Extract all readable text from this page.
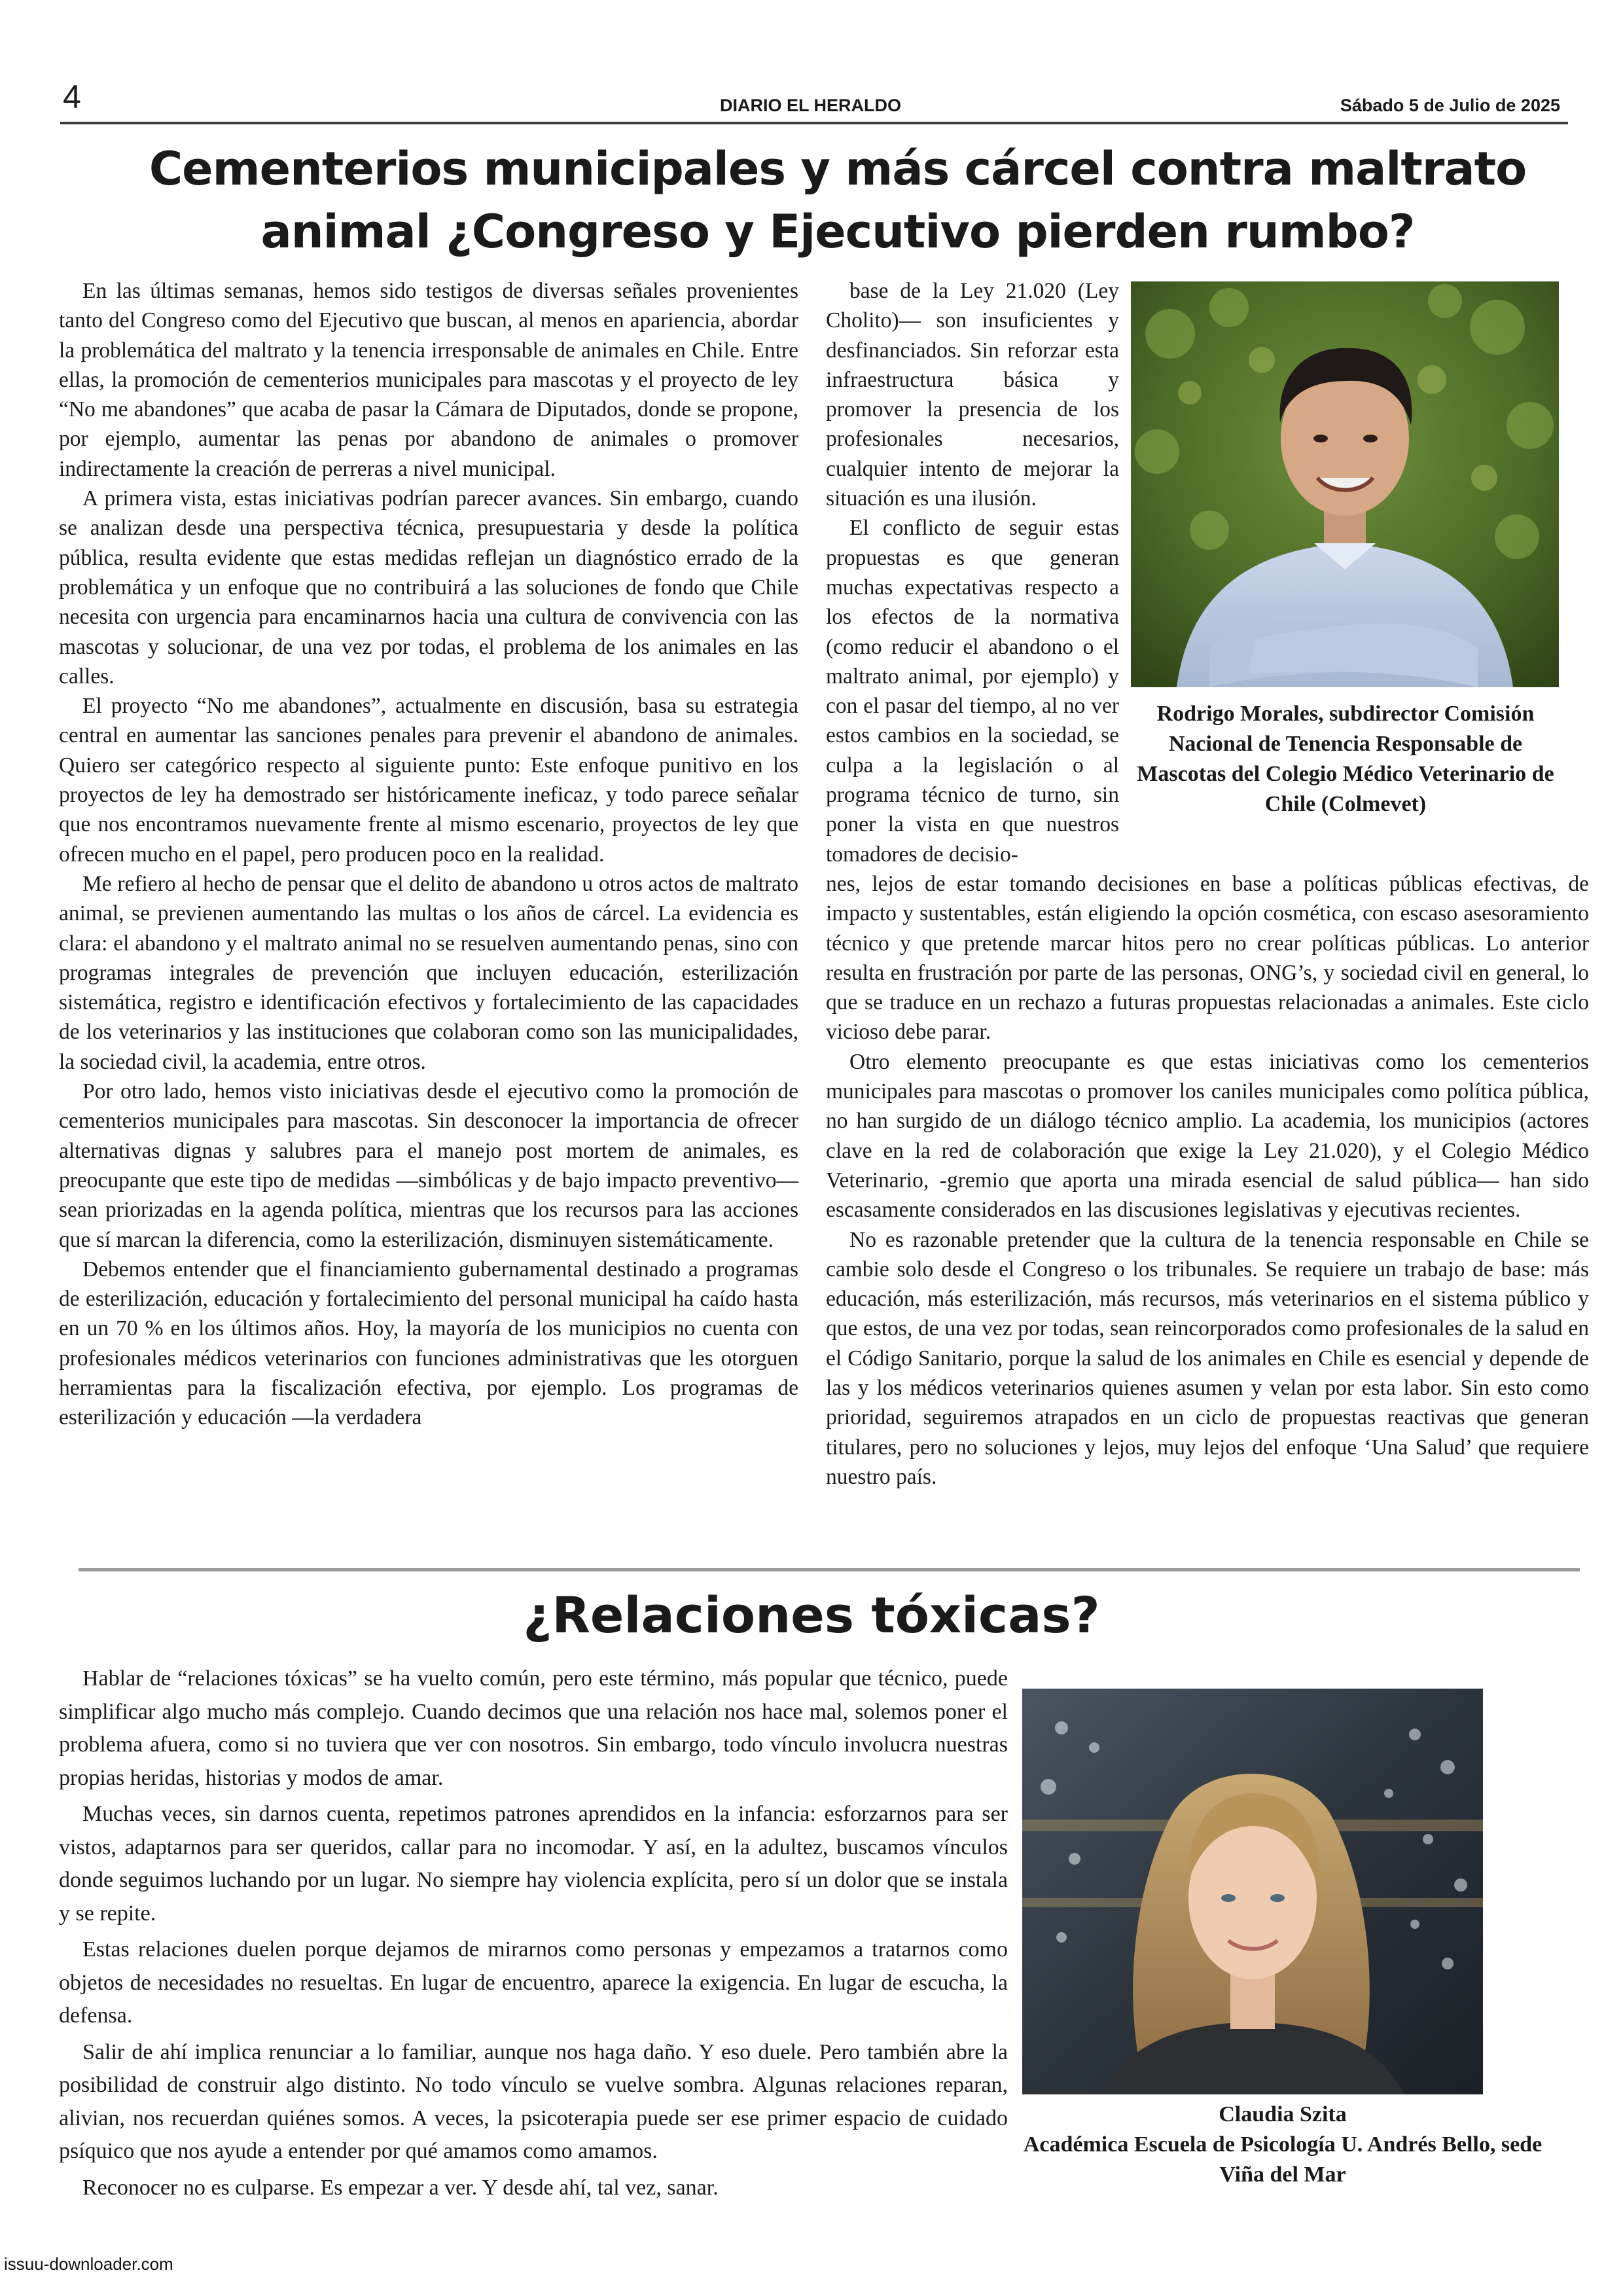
4	DIARIO EL HERALDO	Sábado 5 de Julio de 2025
Cementerios municipales y más cárcel contra maltrato
animal ¿Congreso y Ejecutivo pierden rumbo?

En las últimas semanas, hemos sido testigos de diversas señales provenientes tanto del Congreso como del Ejecutivo que buscan, al menos en apariencia, abordar la problemática del maltrato y la tenencia irresponsable de animales en Chile. Entre ellas, la promoción de cementerios municipales para mascotas y el proyecto de ley “No me abandones” que acaba de pasar la Cámara de Diputados, donde se propone, por ejemplo, aumentar las penas por abandono de animales o promover indirectamente la creación de perreras a nivel municipal.

A primera vista, estas iniciativas podrían parecer avances. Sin embargo, cuando se analizan desde una perspectiva técnica, presupuestaria y desde la política pública, resulta evidente que estas medidas reflejan un diagnóstico errado de la problemática y un enfoque que no contribuirá a las soluciones de fondo que Chile necesita con urgencia para encaminarnos hacia una cultura de convivencia con las mascotas y solucionar, de una vez por todas, el problema de los animales en las calles.

El proyecto “No me abandones”, actualmente en discusión, basa su estrategia central en aumentar las sanciones penales para prevenir el abandono de animales. Quiero ser categórico respecto al siguiente punto: Este enfoque punitivo en los proyectos de ley ha demostrado ser históricamente ineficaz, y todo parece señalar que nos encontramos nuevamente frente al mismo escenario, proyectos de ley que ofrecen mucho en el papel, pero producen poco en la realidad.

Me refiero al hecho de pensar que el delito de abandono u otros actos de maltrato animal, se previenen aumentando las multas o los años de cárcel. La evidencia es clara: el abandono y el maltrato animal no se resuelven aumentando penas, sino con programas integrales de prevención que incluyen educación, esterilización sistemática, registro e identificación efectivos y fortalecimiento de las capacidades de los veterinarios y las instituciones que colaboran como son las municipalidades, la sociedad civil, la academia, entre otros.

Por otro lado, hemos visto iniciativas desde el ejecutivo como la promoción de cementerios municipales para mascotas. Sin desconocer la importancia de ofrecer alternativas dignas y salubres para el manejo post mortem de animales, es preocupante que este tipo de medidas —simbólicas y de bajo impacto preventivo— sean priorizadas en la agenda política, mientras que los recursos para las acciones que sí marcan la diferencia, como la esterilización, disminuyen sistemáticamente.

Debemos entender que el financiamiento gubernamental destinado a programas de esterilización, educación y fortalecimiento del personal municipal ha caído hasta en un 70 % en los últimos años. Hoy, la mayoría de los municipios no cuenta con profesionales médicos veterinarios con funciones administrativas que les otorguen herramientas para la fiscalización efectiva, por ejemplo. Los programas de esterilización y educación —la verdadera

base de la Ley 21.020 (Ley Cholito)— son insuficientes y desfinanciados. Sin reforzar esta infraestructura básica y promover la presencia de los profesionales necesarios, cualquier intento de mejorar la situación es una ilusión.

El conflicto de seguir estas propuestas es que generan muchas expectativas respecto a los efectos de la normativa (como reducir el abandono o el maltrato animal, por ejemplo) y con el pasar del tiempo, al no ver estos cambios en la sociedad, se culpa a la legislación o al programa técnico de turno, sin poner la vista en que nuestros tomadores de decisio-

Rodrigo Morales, subdirector Comisión Nacional de Tenencia Responsable de Mascotas del Colegio Médico Veterinario de Chile (Colmevet)

nes, lejos de estar tomando decisiones en base a políticas públicas efectivas, de impacto y sustentables, están eligiendo la opción cosmética, con escaso asesoramiento técnico y que pretende marcar hitos pero no crear políticas públicas. Lo anterior resulta en frustración por parte de las personas, ONG’s, y sociedad civil en general, lo que se traduce en un rechazo a futuras propuestas relacionadas a animales. Este ciclo vicioso debe parar.

Otro elemento preocupante es que estas iniciativas como los cementerios municipales para mascotas o promover los caniles municipales como política pública, no han surgido de un diálogo técnico amplio. La academia, los municipios (actores clave en la red de colaboración que exige la Ley 21.020), y el Colegio Médico Veterinario, -gremio que aporta una mirada esencial de salud pública— han sido escasamente considerados en las discusiones legislativas y ejecutivas recientes.

No es razonable pretender que la cultura de la tenencia responsable en Chile se cambie solo desde el Congreso o los tribunales. Se requiere un trabajo de base: más educación, más esterilización, más recursos, más veterinarios en el sistema público y que estos, de una vez por todas, sean reincorporados como profesionales de la salud en el Código Sanitario, porque la salud de los animales en Chile es esencial y depende de las y los médicos veterinarios quienes asumen y velan por esta labor. Sin esto como prioridad, seguiremos atrapados en un ciclo de propuestas reactivas que generan titulares, pero no soluciones y lejos, muy lejos del enfoque ‘Una Salud’ que requiere nuestro país.

¿Relaciones tóxicas?

Hablar de “relaciones tóxicas” se ha vuelto común, pero este término, más popular que técnico, puede simplificar algo mucho más complejo. Cuando decimos que una relación nos hace mal, solemos poner el problema afuera, como si no tuviera que ver con nosotros. Sin embargo, todo vínculo involucra nuestras propias heridas, historias y modos de amar.

Muchas veces, sin darnos cuenta, repetimos patrones aprendidos en la infancia: esforzarnos para ser vistos, adaptarnos para ser queridos, callar para no incomodar. Y así, en la adultez, buscamos vínculos donde seguimos luchando por un lugar. No siempre hay violencia explícita, pero sí un dolor que se instala y se repite.

Estas relaciones duelen porque dejamos de mirarnos como personas y empezamos a tratarnos como objetos de necesidades no resueltas. En lugar de encuentro, aparece la exigencia. En lugar de escucha, la defensa.

Salir de ahí implica renunciar a lo familiar, aunque nos haga daño. Y eso duele. Pero también abre la posibilidad de construir algo distinto. No todo vínculo se vuelve sombra. Algunas relaciones reparan, alivian, nos recuerdan quiénes somos. A veces, la psicoterapia puede ser ese primer espacio de cuidado psíquico que nos ayude a entender por qué amamos como amamos.

Reconocer no es culparse. Es empezar a ver. Y desde ahí, tal vez, sanar.

Claudia Szita
Académica Escuela de Psicología U. Andrés Bello, sede Viña del Mar
issuu-downloader.com
